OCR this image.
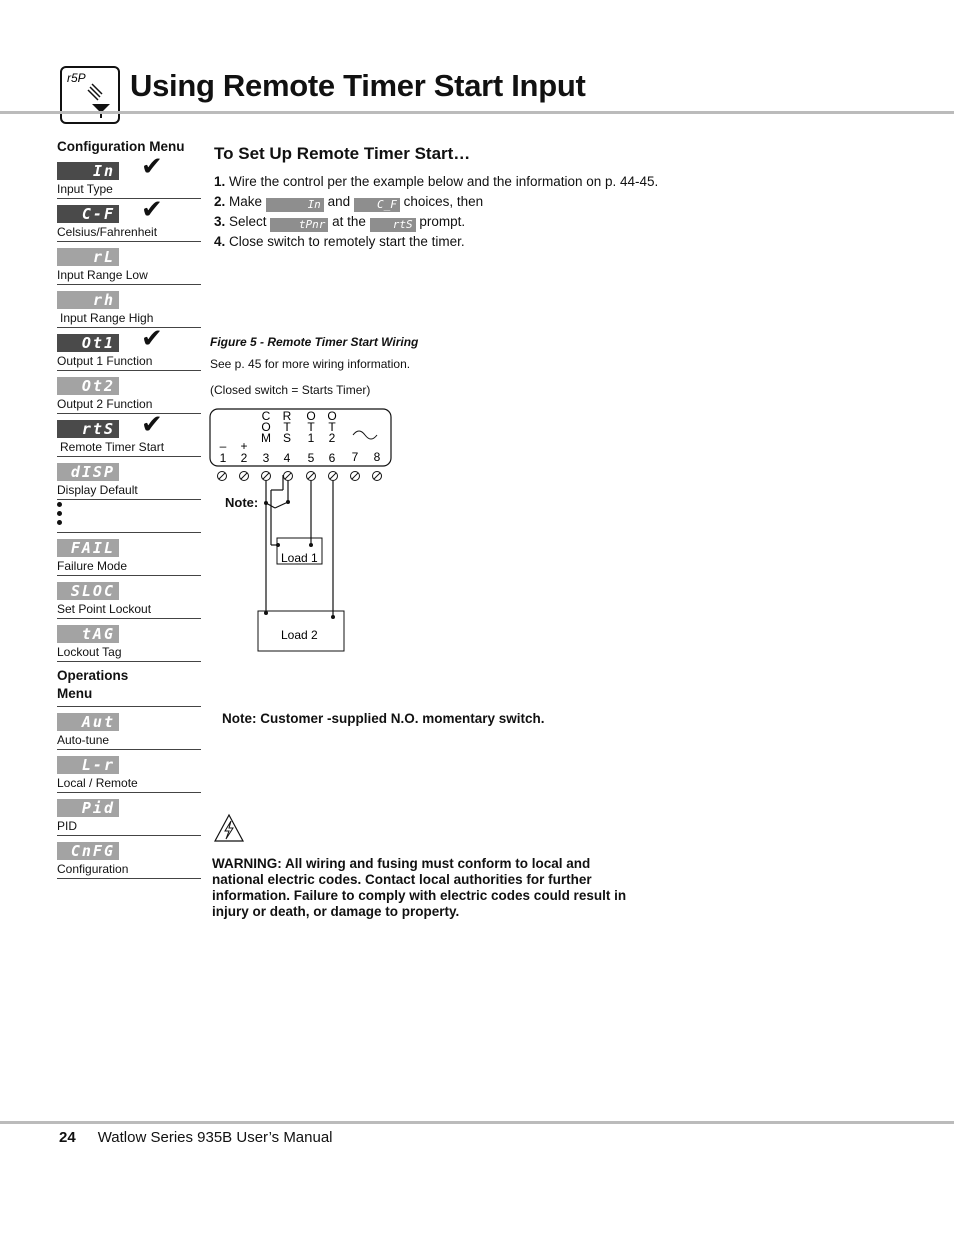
r5P Using Remote Timer Start Input
Configuration Menu
In
Input Type
✔
C-F
Celsius/Fahrenheit
✔
rL
Input Range Low
rh
Input Range High
Ot1
Output 1 Function
✔
Ot2
Output 2 Function
rtS
Remote Timer Start
✔
dISP
Display Default
FAIL
Failure Mode
SLOC
Set Point Lockout
tAG
Lockout Tag
Operations
Menu
Aut
Auto-tune
L-r
Local / Remote
Pid
PID
CnFG
Configuration
To Set Up Remote Timer Start…
1. Wire the control per the example below and the information on p. 44-45.
2. Make	In and C_F choices, then
3. Select	tPnr at the rtS prompt.
4. Close switch to remotely start the timer.
Figure 5 - Remote Timer Start Wiring
See p. 45 for more wiring information.
(Closed switch = Starts Timer)
C
O
M
R
T
S
O
T
1
O
T
2
– +
1 2 3 4 5 6 7 8
Load 1
Load 2
Note:
Note: Customer -supplied N.O. momentary switch.
WARNING: All wiring and fusing must conform to local and national electric codes. Contact local authorities for further information. Failure to comply with electric codes could result in injury or death, or damage to property.
24 Watlow Series 935B User’s Manual
